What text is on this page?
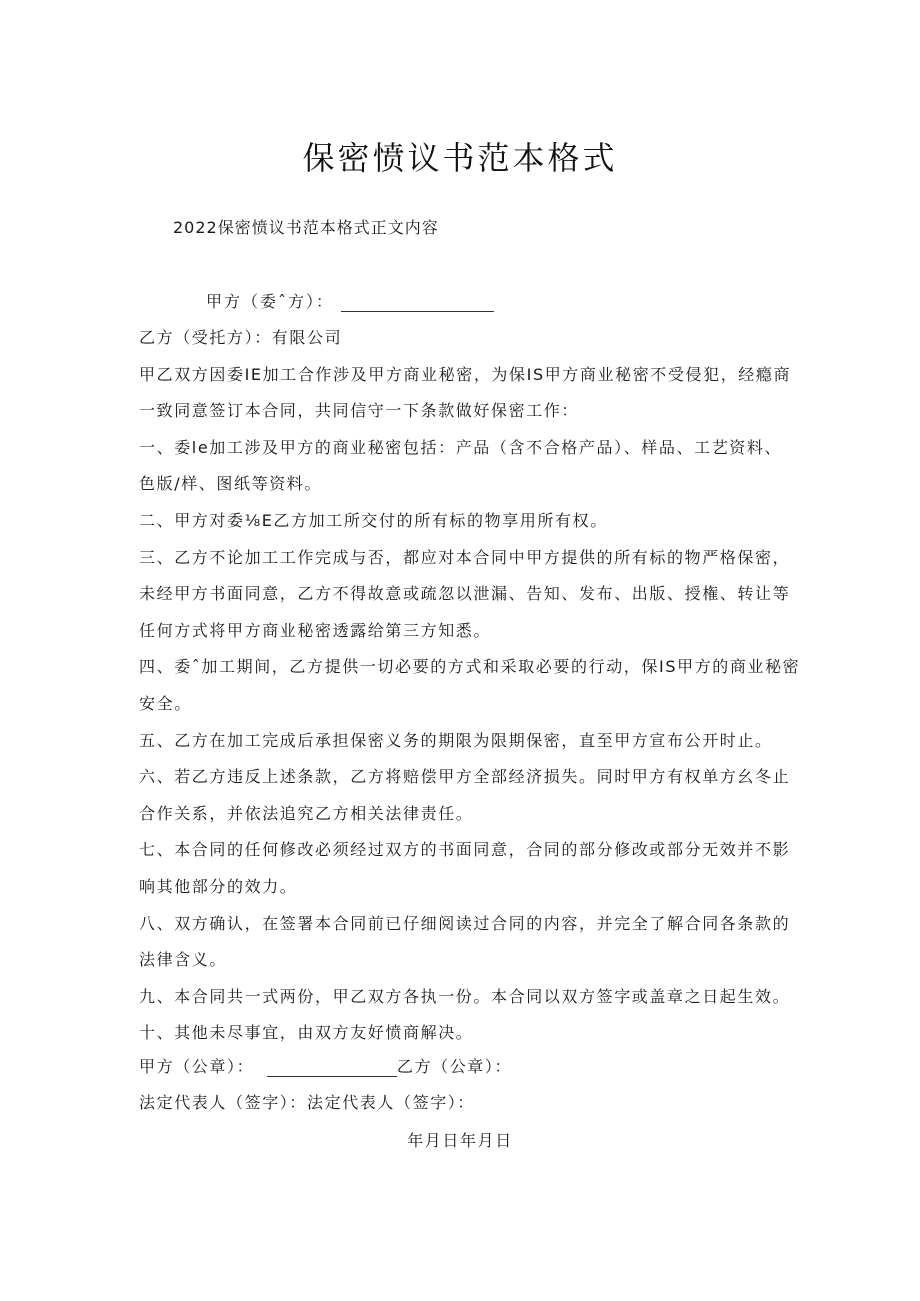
保密愤议书范本格式
2022保密愤议书范本格式正文内容
甲方（委ˆ方）：
乙方（受托方）：有限公司
甲乙双方因委IE加工合作涉及甲方商业秘密，为保IS甲方商业秘密不受侵犯，经瘾商
一致同意签订本合同，共同信守一下条款做好保密工作：
一、委le加工涉及甲方的商业秘密包括：产品（含不合格产品）、样品、工艺资料、
色版/样、图纸等资料。
二、甲方对委⅛E乙方加工所交付的所有标的物享用所有权。
三、乙方不论加工工作完成与否，都应对本合同中甲方提供的所有标的物严格保密，
未经甲方书面同意，乙方不得故意或疏忽以泄漏、告知、发布、出版、授権、转让等
任何方式将甲方商业秘密透露给第三方知悉。
四、委ˆ加工期间，乙方提供一切必要的方式和采取必要的行动，保IS甲方的商业秘密
安全。
五、乙方在加工完成后承担保密义务的期限为限期保密，直至甲方宣布公开时止。
六、若乙方违反上述条款，乙方将赔偿甲方全部经济损失。同时甲方有权单方幺冬止
合作关系，并依法追究乙方相关法律责任。
七、本合同的任何修改必须经过双方的书面同意，合同的部分修改或部分无效并不影
响其他部分的效力。
八、双方确认，在签署本合同前已仔细阅读过合同的内容，并完全了解合同各条款的
法律含义。
九、本合同共一式两份，甲乙双方各执一份。本合同以双方签字或盖章之日起生效。
十、其他未尽事宜，由双方友好愤商解决。
甲方（公章）：	乙方（公章）：
法定代表人（签字）：法定代表人（签字）：
年月日年月日
